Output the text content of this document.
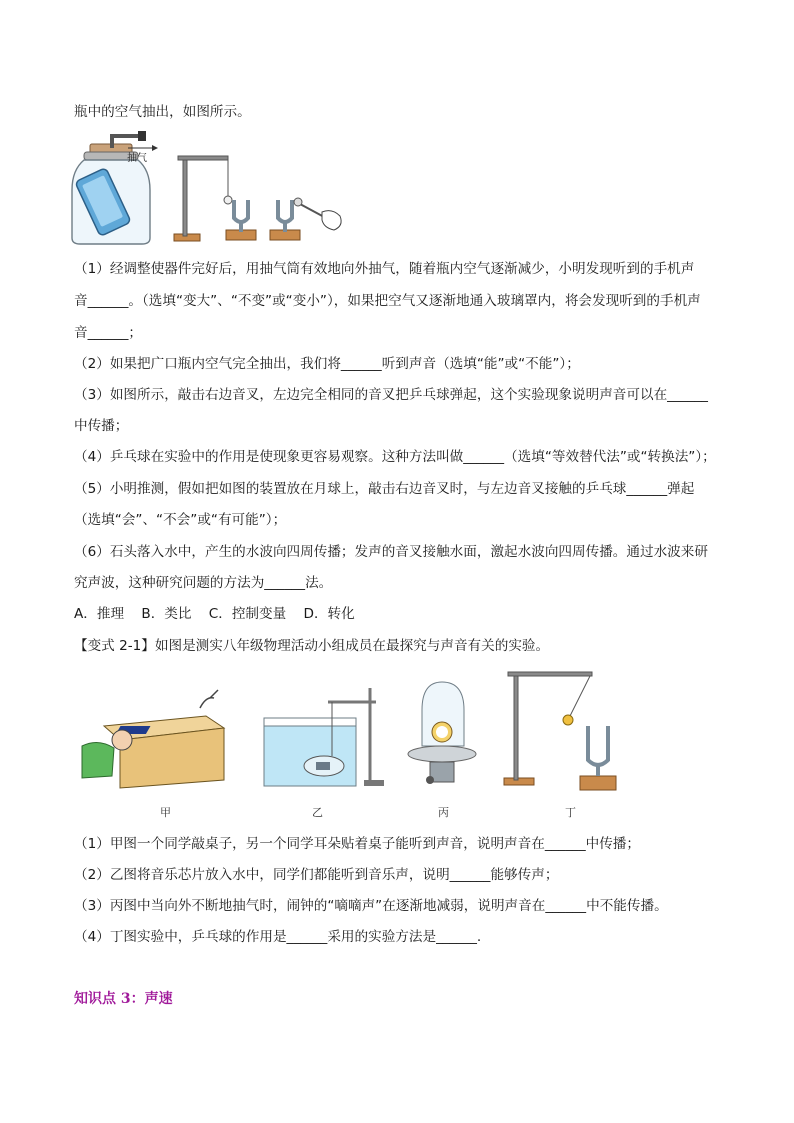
瓶中的空气抽出，如图所示。
抽气
（1）经调整使器件完好后，用抽气筒有效地向外抽气，随着瓶内空气逐渐减少，小明发现听到的手机声
音______。（选填“变大”、“不变”或“变小”），如果把空气又逐渐地通入玻璃罩内，将会发现听到的手机声
音______；
（2）如果把广口瓶内空气完全抽出，我们将______听到声音（选填“能”或“不能”）；
（3）如图所示，敲击右边音叉，左边完全相同的音叉把乒乓球弹起，这个实验现象说明声音可以在______
中传播；
（4）乒乓球在实验中的作用是使现象更容易观察。这种方法叫做______（选填“等效替代法”或“转换法”）；
（5）小明推测，假如把如图的装置放在月球上，敲击右边音叉时，与左边音叉接触的乒乓球______弹起
（选填“会”、“不会”或“有可能”）；
（6）石头落入水中，产生的水波向四周传播；发声的音叉接触水面，激起水波向四周传播。通过水波来研
究声波，这种研究问题的方法为______法。
A．推理    B．类比    C．控制变量    D．转化
【变式 2-1】如图是测实八年级物理活动小组成员在最探究与声音有关的实验。
甲	乙	丙	丁
（1）甲图一个同学敲桌子，另一个同学耳朵贴着桌子能听到声音，说明声音在______中传播；
（2）乙图将音乐芯片放入水中，同学们都能听到音乐声，说明______能够传声；
（3）丙图中当向外不断地抽气时，闹钟的“嘀嘀声”在逐渐地减弱，说明声音在______中不能传播。
（4）丁图实验中，乒乓球的作用是______采用的实验方法是______.
知识点 3：声速
